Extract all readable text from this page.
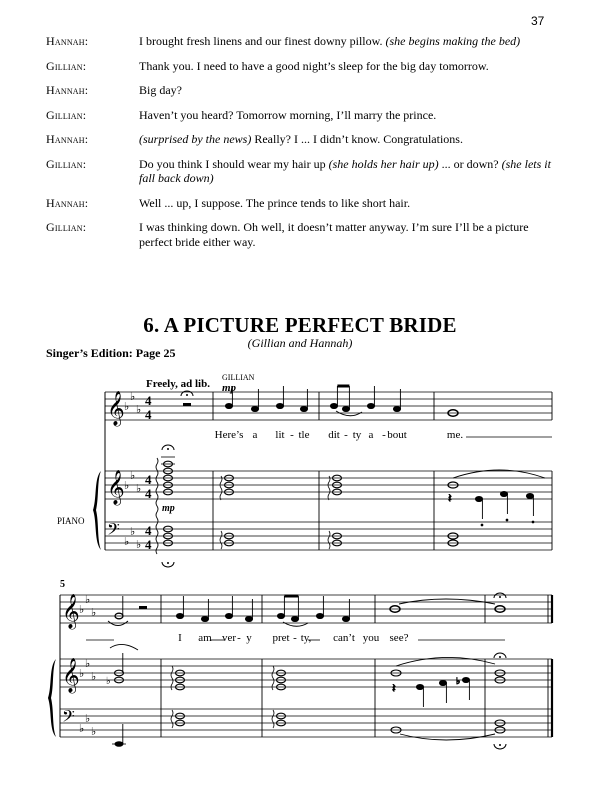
37
Hannah:	I brought fresh linens and our finest downy pillow. (she begins making the bed)
Gillian:	Thank you. I need to have a good night’s sleep for the big day tomorrow.
Hannah:	Big day?
Gillian:	Haven’t you heard? Tomorrow morning, I’ll marry the prince.
Hannah:	(surprised by the news) Really? I ... I didn’t know. Congratulations.
Gillian:	Do you think I should wear my hair up (she holds her hair up) ... or down? (she lets it fall back down)
Hannah:	Well ... up, I suppose. The prince tends to like short hair.
Gillian:	I was thinking down. Oh well, it doesn’t matter anyway. I’m sure I’ll be a picture perfect bride either way.
6. A PICTURE PERFECT BRIDE
(Gillian and Hannah)
Singer’s Edition: Page 25
𝄞
𝄞
𝄢
♭
♭
♭
♭
♭
♭
♭
♭
♭
4
4
4
4
4
4
Freely, ad lib.
GILLIAN
mp
mp
PIANO
Here’s a lit - tle dit - ty a - bout	me.
𝄽
5
𝄞
𝄞
𝄢
♭
♭
♭
♭
♭
♭
♭
♭
♭
I am ver - y pret - ty, can’t you see?
♭	𝄽	♭
